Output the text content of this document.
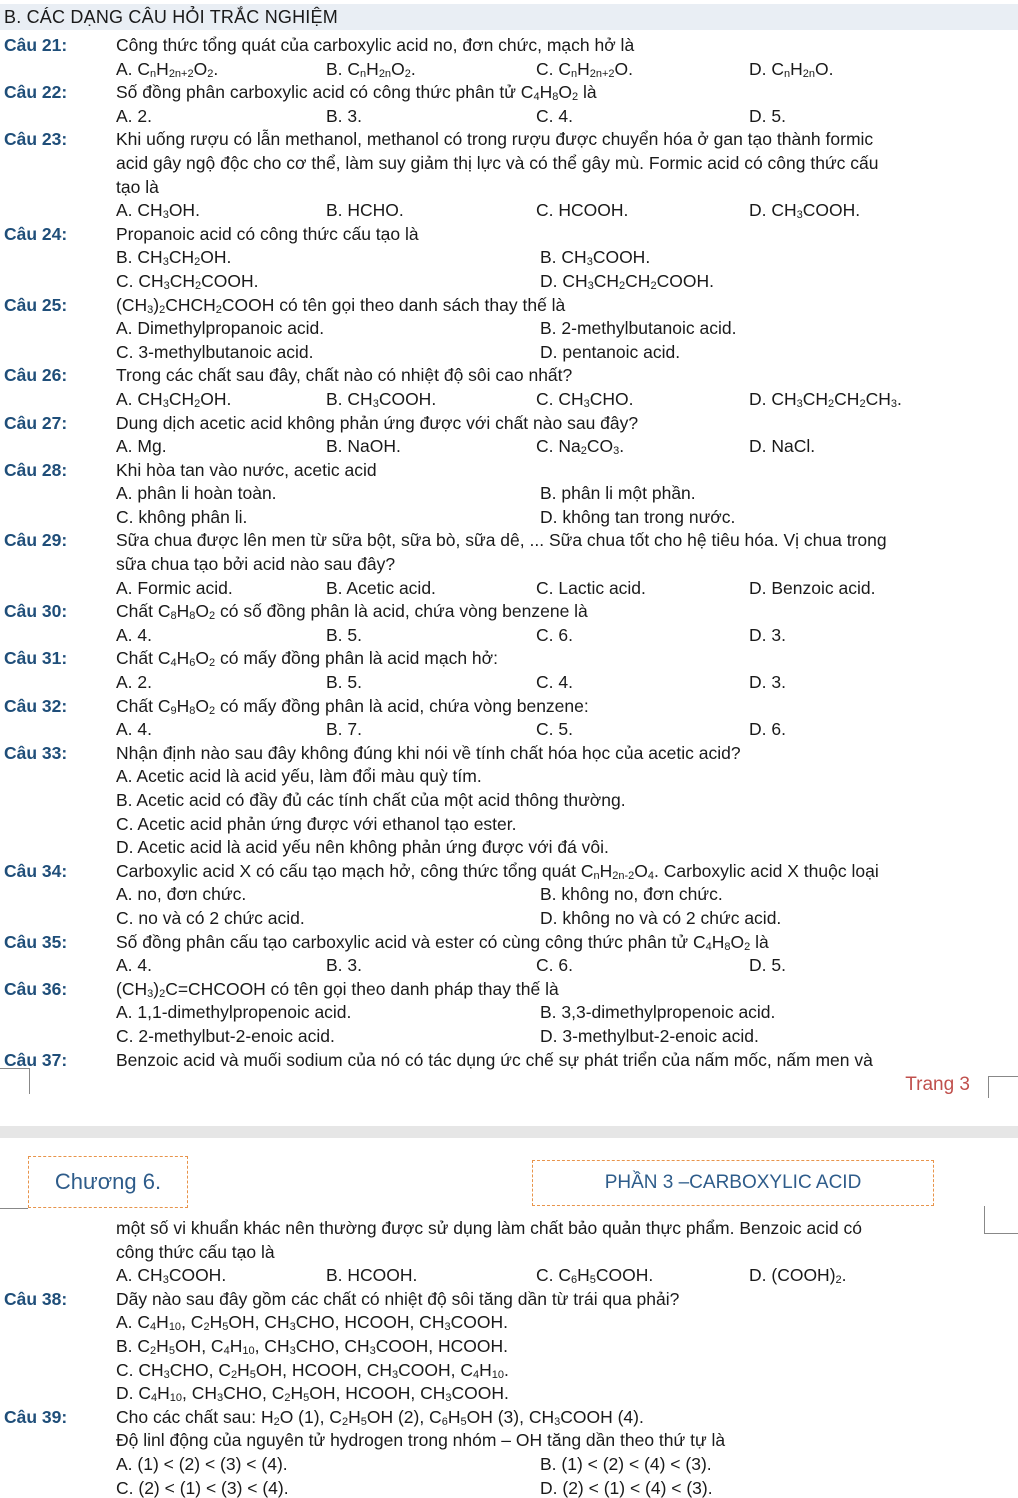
B. CÁC DẠNG CÂU HỎI TRẮC NGHIỆM
Câu 21:	Công thức tổng quát của carboxylic acid no, đơn chức, mạch hở là
A. $C_nH_{2n+2}O_2$.	B. $C_nH_{2n}O_2$.	C. $C_nH_{2n+2}O$.	D. $C_nH_{2n}O$.
Câu 22:	Số đồng phân carboxylic acid có công thức phân tử $C_4H_8O_2$ là
A. 2.	B. 3.	C. 4.	D. 5.
Câu 23:	Khi uống rượu có lẫn methanol, methanol có trong rượu được chuyển hóa ở gan tạo thành formic
acid gây ngộ độc cho cơ thể, làm suy giảm thị lực và có thể gây mù. Formic acid có công thức cấu
tạo là
A. $CH_3OH$.	B. HCHO.	C. HCOOH.	D. $CH_3COOH$.
Câu 24:	Propanoic acid có công thức cấu tạo là
B. $CH_3CH_2OH$.	B. $CH_3COOH$.
C. $CH_3CH_2COOH$.	D. $CH_3CH_2CH_2COOH$.
Câu 25:	$(CH_3)_2CHCH_2COOH$ có tên gọi theo danh sách thay thế là
A. Dimethylpropanoic acid.	B. 2-methylbutanoic acid.
C. 3-methylbutanoic acid.	D. pentanoic acid.
Câu 26:	Trong các chất sau đây, chất nào có nhiệt độ sôi cao nhất?
A. $CH_3CH_2OH$.	B. $CH_3COOH$.	C. $CH_3CHO$.	D. $CH_3CH_2CH_2CH_3$.
Câu 27:	Dung dịch acetic acid không phản ứng được với chất nào sau đây?
A. Mg.	B. NaOH.	C. $Na_2CO_3$.	D. NaCl.
Câu 28:	Khi hòa tan vào nước, acetic acid
A. phân li hoàn toàn.	B. phân li một phần.
C. không phân li.	D. không tan trong nước.
Câu 29:	Sữa chua được lên men từ sữa bột, sữa bò, sữa dê, ... Sữa chua tốt cho hệ tiêu hóa. Vị chua trong
sữa chua tạo bởi acid nào sau đây?
A. Formic acid.	B. Acetic acid.	C. Lactic acid.	D. Benzoic acid.
Câu 30:	Chất $C_8H_8O_2$ có số đồng phân là acid, chứa vòng benzene là
A. 4.	B. 5.	C. 6.	D. 3.
Câu 31:	Chất $C_4H_6O_2$ có mấy đồng phân là acid mạch hở:
A. 2.	B. 5.	C. 4.	D. 3.
Câu 32:	Chất $C_9H_8O_2$ có mấy đồng phân là acid, chứa vòng benzene:
A. 4.	B. 7.	C. 5.	D. 6.
Câu 33:	Nhận định nào sau đây không đúng khi nói về tính chất hóa học của acetic acid?
A. Acetic acid là acid yếu, làm đổi màu quỳ tím.
B. Acetic acid có đầy đủ các tính chất của một acid thông thường.
C. Acetic acid phản ứng được với ethanol tạo ester.
D. Acetic acid là acid yếu nên không phản ứng được với đá vôi.
Câu 34:	Carboxylic acid X có cấu tạo mạch hở, công thức tổng quát $C_nH_{2n-2}O_4$. Carboxylic acid X thuộc loại
A. no, đơn chức.	B. không no, đơn chức.
C. no và có 2 chức acid.	D. không no và có 2 chức acid.
Câu 35:	Số đồng phân cấu tạo carboxylic acid và ester có cùng công thức phân tử $C_4H_8O_2$ là
A. 4.	B. 3.	C. 6.	D. 5.
Câu 36:	$(CH_3)_2C=CHCOOH$ có tên gọi theo danh pháp thay thế là
A. 1,1-dimethylpropenoic acid.	B. 3,3-dimethylpropenoic acid.
C. 2-methylbut-2-enoic acid.	D. 3-methylbut-2-enoic acid.
Câu 37:	Benzoic acid và muối sodium của nó có tác dụng ức chế sự phát triển của nấm mốc, nấm men và
Trang 3
Chương 6.	PHẦN 3 –CARBOXYLIC ACID
một số vi khuẩn khác nên thường được sử dụng làm chất bảo quản thực phẩm. Benzoic acid có
công thức cấu tạo là
A. $CH_3COOH$.	B. HCOOH.	C. $C_6H_5COOH$.	D. $(COOH)_2$.
Câu 38:	Dãy nào sau đây gồm các chất có nhiệt độ sôi tăng dần từ trái qua phải?
A. $C_4H_{10}$, $C_2H_5OH$, $CH_3CHO$, HCOOH, $CH_3COOH$.
B. $C_2H_5OH$, $C_4H_{10}$, $CH_3CHO$, $CH_3COOH$, HCOOH.
C. $CH_3CHO$, $C_2H_5OH$, HCOOH, $CH_3COOH$, $C_4H_{10}$.
D. $C_4H_{10}$, $CH_3CHO$, $C_2H_5OH$, HCOOH, $CH_3COOH$.
Câu 39:	Cho các chất sau: $H_2O$ (1), $C_2H_5OH$ (2), $C_6H_5OH$ (3), $CH_3COOH$ (4).
Độ linl động của nguyên tử hydrogen trong nhóm – OH tăng dần theo thứ tự là
A. (1) < (2) < (3) < (4).	B. (1) < (2) < (4) < (3).
C. (2) < (1) < (3) < (4).	D. (2) < (1) < (4) < (3).
